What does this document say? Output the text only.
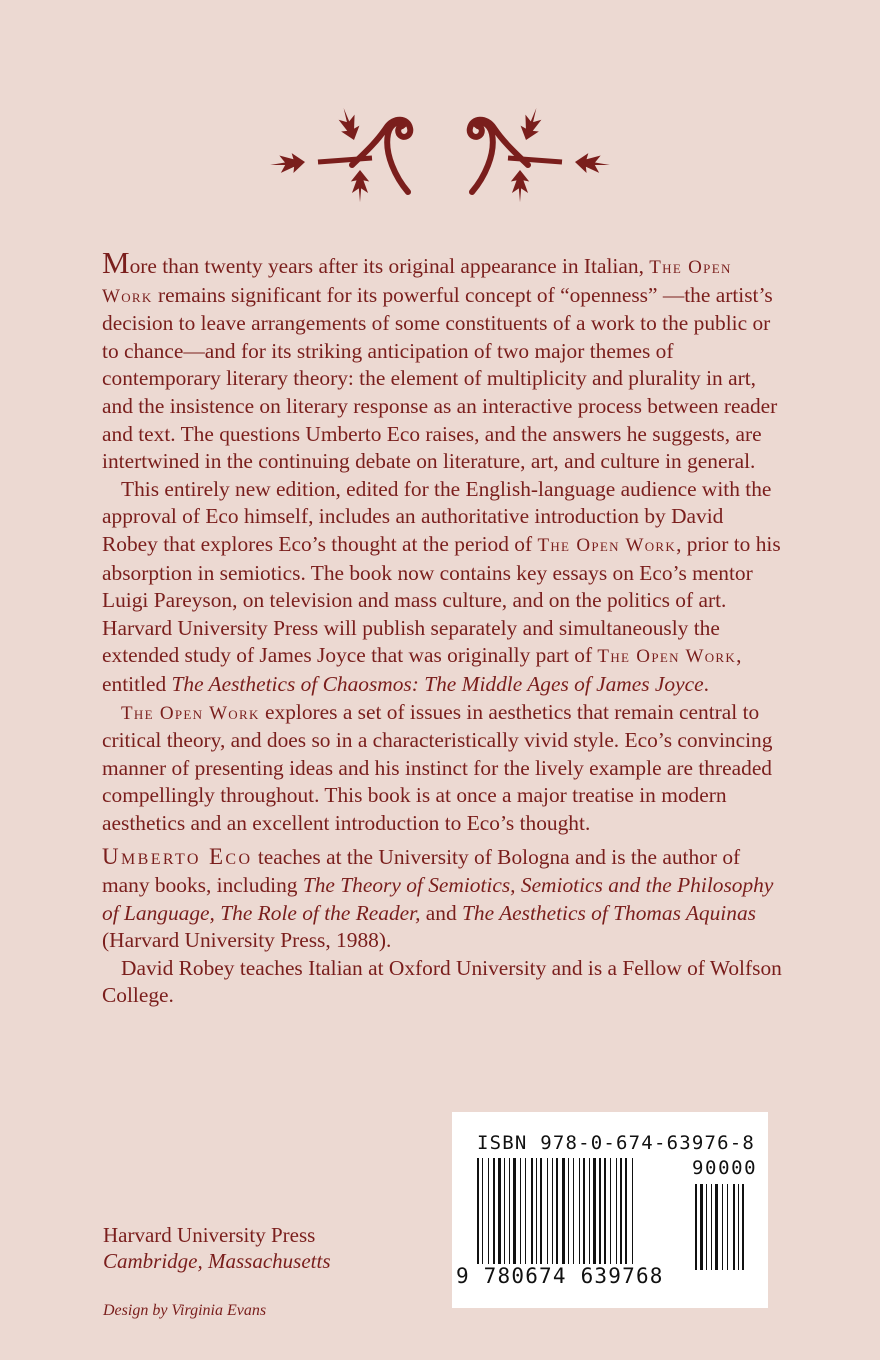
More than twenty years after its original appearance in Italian, The Open Work remains significant for its powerful concept of “openness” —the artist’s decision to leave arrangements of some constituents of a work to the public or to chance—and for its striking anticipation of two major themes of contemporary literary theory: the element of multiplicity and plurality in art, and the insistence on literary response as an interactive process between reader and text. The questions Umberto Eco raises, and the answers he suggests, are intertwined in the continuing debate on literature, art, and culture in general.

This entirely new edition, edited for the English-language audience with the approval of Eco himself, includes an authoritative introduction by David Robey that explores Eco’s thought at the period of The Open Work, prior to his absorption in semiotics. The book now contains key essays on Eco’s mentor Luigi Pareyson, on television and mass culture, and on the politics of art. Harvard University Press will publish separately and simultaneously the extended study of James Joyce that was originally part of The Open Work, entitled The Aesthetics of Chaosmos: The Middle Ages of James Joyce.

The Open Work explores a set of issues in aesthetics that remain central to critical theory, and does so in a characteristically vivid style. Eco’s convincing manner of presenting ideas and his instinct for the lively example are threaded compellingly throughout. This book is at once a major treatise in modern aesthetics and an excellent introduction to Eco’s thought.

Umberto Eco teaches at the University of Bologna and is the author of many books, including The Theory of Semiotics, Semiotics and the Philosophy of Language, The Role of the Reader, and The Aesthetics of Thomas Aquinas (Harvard University Press, 1988).

David Robey teaches Italian at Oxford University and is a Fellow of Wolfson College.

ISBN 978-0-674-63976-8
90000
9 780674 639768
Harvard University Press
Cambridge, Massachusetts
Design by Virginia Evans
